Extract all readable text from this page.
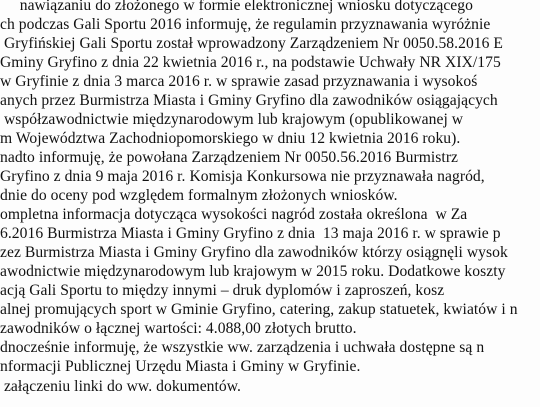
nawiązaniu do złożonego w formie elektronicznej wniosku dotyczącego
ch podczas Gali Sportu 2016 informuję, że regulamin przyznawania wyróżnie
Gryfińskiej Gali Sportu został wprowadzony Zarządzeniem Nr 0050.58.2016 E
Gminy Gryfino z dnia 22 kwietnia 2016 r., na podstawie Uchwały NR XIX/175
w Gryfinie z dnia 3 marca 2016 r. w sprawie zasad przyznawania i wysokoś
anych przez Burmistrza Miasta i Gminy Gryfino dla zawodników osiągających
współzawodnictwie międzynarodowym lub krajowym (opublikowanej w
m Województwa Zachodniopomorskiego w dniu 12 kwietnia 2016 roku).
nadto informuję, że powołana Zarządzeniem Nr 0050.56.2016 Burmistrz
Gryfino z dnia 9 maja 2016 r. Komisja Konkursowa nie przyznawała nagród,
dnie do oceny pod względem formalnym złożonych wniosków.
ompletna informacja dotycząca wysokości nagród została określona  w Za
6.2016 Burmistrza Miasta i Gminy Gryfino z dnia  13 maja 2016 r. w sprawie p
zez Burmistrza Miasta i Gminy Gryfino dla zawodników którzy osiągnęli wysok
awodnictwie międzynarodowym lub krajowym w 2015 roku. Dodatkowe koszty
acją Gali Sportu to między innymi – druk dyplomów i zaproszeń, kosz
alnej promujących sport w Gminie Gryfino, catering, zakup statuetek, kwiatów i n
zawodników o łącznej wartości: 4.088,00 złotych brutto.
dnocześnie informuję, że wszystkie ww. zarządzenia i uchwała dostępne są n
nformacji Publicznej Urzędu Miasta i Gminy w Gryfinie.
załączeniu linki do ww. dokumentów.
